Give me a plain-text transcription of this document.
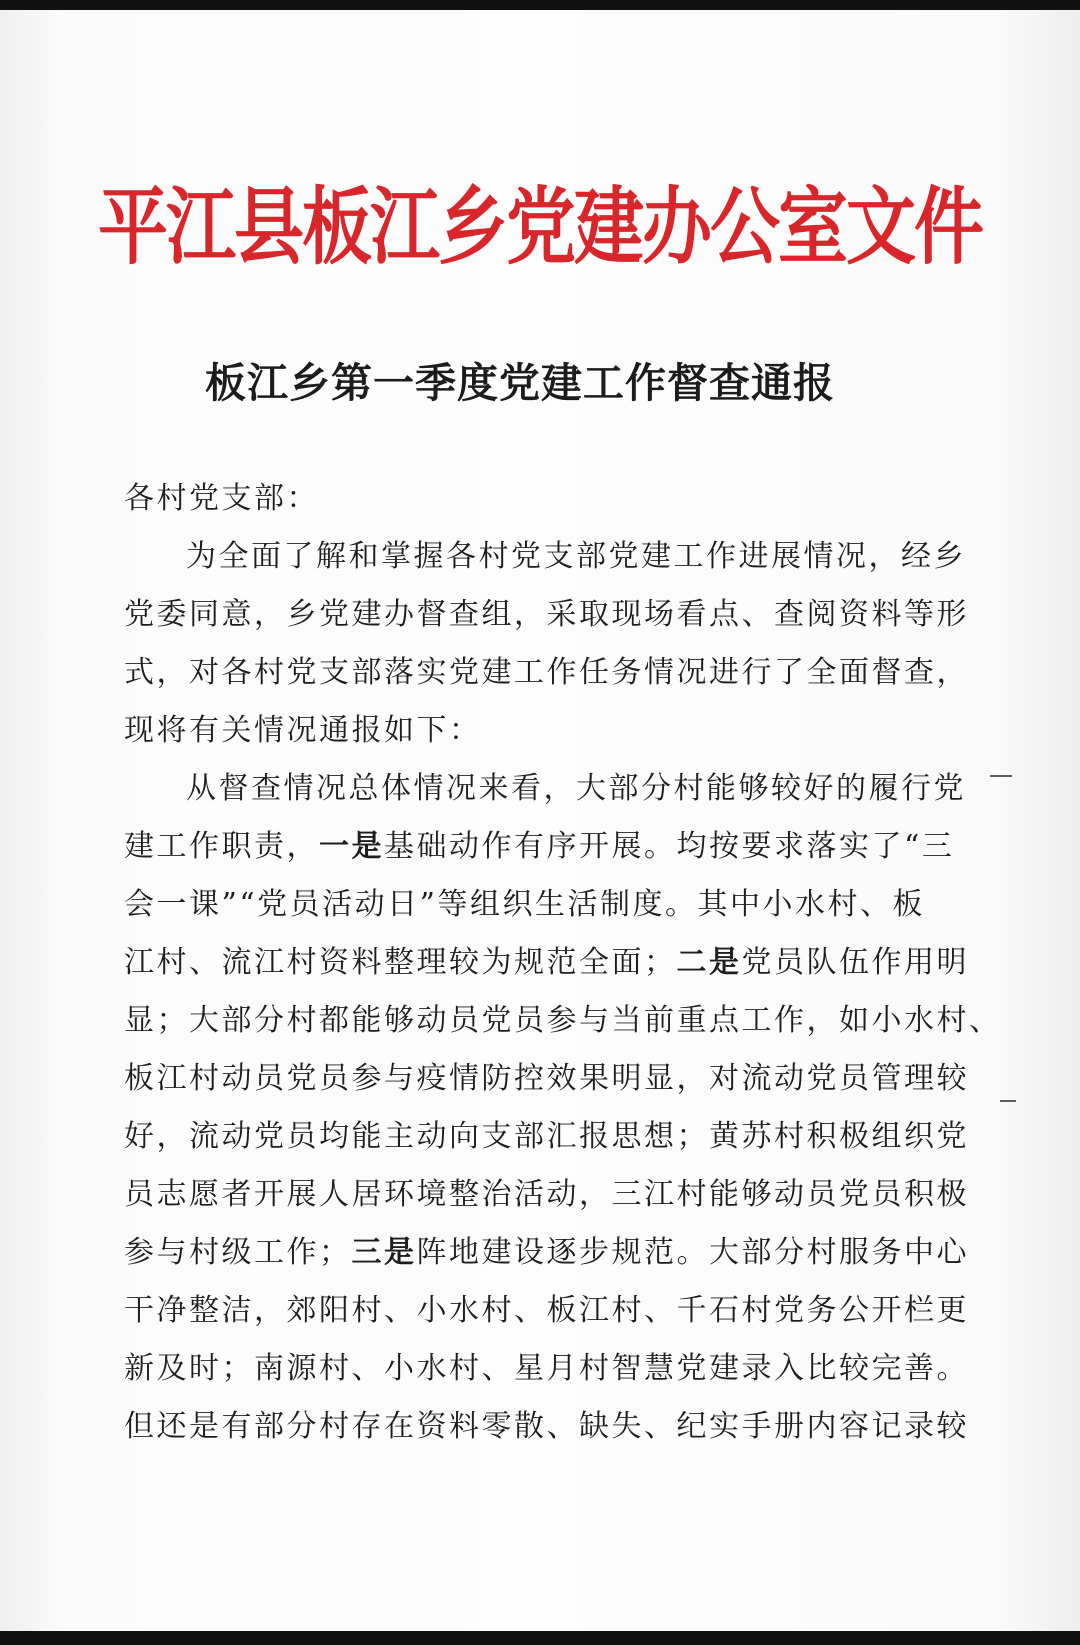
平江县板江乡党建办公室文件
板江乡第一季度党建工作督查通报
各村党支部：
为全面了解和掌握各村党支部党建工作进展情况，经乡
党委同意，乡党建办督查组，采取现场看点、查阅资料等形
式，对各村党支部落实党建工作任务情况进行了全面督查，
现将有关情况通报如下：
从督查情况总体情况来看，大部分村能够较好的履行党
建工作职责，一是基础动作有序开展。均按要求落实了“三
会一课”“党员活动日”等组织生活制度。其中小水村、板
江村、流江村资料整理较为规范全面；二是党员队伍作用明
显；大部分村都能够动员党员参与当前重点工作，如小水村、
板江村动员党员参与疫情防控效果明显，对流动党员管理较
好，流动党员均能主动向支部汇报思想；黄苏村积极组织党
员志愿者开展人居环境整治活动，三江村能够动员党员积极
参与村级工作；三是阵地建设逐步规范。大部分村服务中心
干净整洁，郊阳村、小水村、板江村、千石村党务公开栏更
新及时；南源村、小水村、星月村智慧党建录入比较完善。
但还是有部分村存在资料零散、缺失、纪实手册内容记录较
